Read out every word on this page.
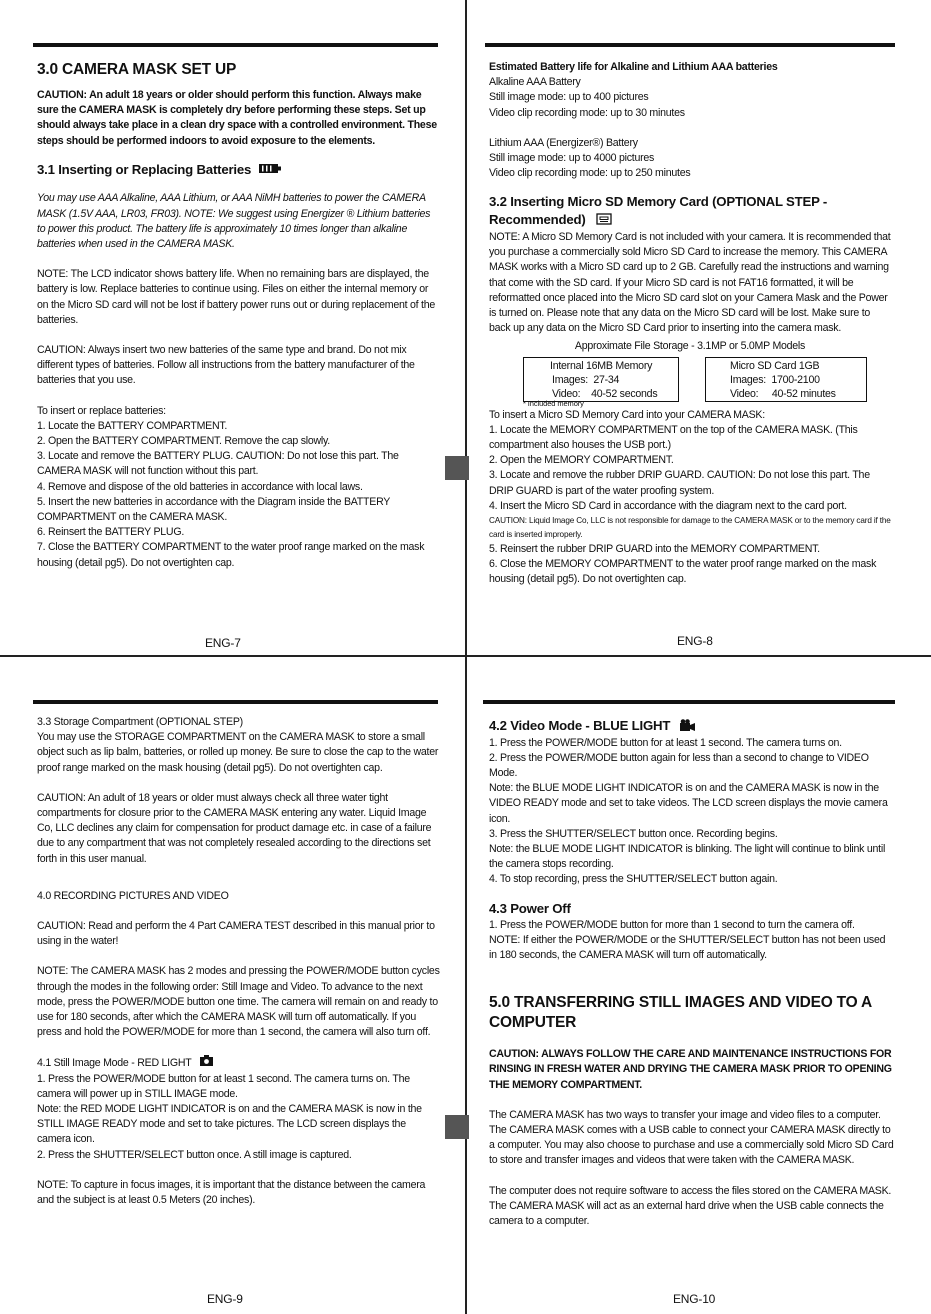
3.0 CAMERA MASK SET UP

CAUTION: An adult 18 years or older should perform this function. Always make sure the CAMERA MASK is completely dry before performing these steps. Set up should always take place in a clean dry space with a controlled environment. These steps should be performed indoors to avoid exposure to the elements.

3.1 Inserting or Replacing Batteries

You may use AAA Alkaline, AAA Lithium, or AAA NiMH batteries to power the CAMERA MASK (1.5V AAA, LR03, FR03). NOTE: We suggest using Energizer ® Lithium batteries to power this product. The battery life is approximately 10 times longer than alkaline batteries when used in the CAMERA MASK.

NOTE: The LCD indicator shows battery life. When no remaining bars are displayed, the battery is low. Replace batteries to continue using. Files on either the internal memory or on the Micro SD card will not be lost if battery power runs out or during replacement of the batteries.

CAUTION: Always insert two new batteries of the same type and brand. Do not mix different types of batteries. Follow all instructions from the battery manufacturer of the batteries that you use.

To insert or replace batteries:

1. Locate the BATTERY COMPARTMENT.

2. Open the BATTERY COMPARTMENT. Remove the cap slowly.

3. Locate and remove the BATTERY PLUG. CAUTION: Do not lose this part. The CAMERA MASK will not function without this part.

4. Remove and dispose of the old batteries in accordance with local laws.

5. Insert the new batteries in accordance with the Diagram inside the BATTERY COMPARTMENT on the CAMERA MASK.

6. Reinsert the BATTERY PLUG.

7. Close the BATTERY COMPARTMENT to the water proof range marked on the mask housing (detail pg5). Do not overtighten cap.

ENG-7

Estimated Battery life for Alkaline and Lithium AAA batteries

Alkaline AAA Battery

Still image mode: up to 400 pictures

Video clip recording mode: up to 30 minutes

Lithium AAA (Energizer®) Battery

Still image mode: up to 4000 pictures

Video clip recording mode: up to 250 minutes

3.2 Inserting Micro SD Memory Card (OPTIONAL STEP -

Recommended)

NOTE: A Micro SD Memory Card is not included with your camera. It is recommended that you purchase a commercially sold Micro SD Card to increase the memory. This CAMERA MASK works with a Micro SD card up to 2 GB. Carefully read the instructions and warning that come with the SD card. If your Micro SD card is not FAT16 formatted, it will be reformatted once placed into the Micro SD card slot on your Camera Mask and the Power is turned on. Please note that any data on the Micro SD card will be lost. Make sure to back up any data on the Micro SD Card prior to inserting into the camera mask.

Approximate File Storage - 3.1MP or 5.0MP Models

Internal 16MB Memory
Images:  27-34
Video:    40-52 seconds
Micro SD Card 1GB
Images:  1700-2100
Video:     40-52 minutes

* Included memory

To insert a Micro SD Memory Card into your CAMERA MASK:

1. Locate the MEMORY COMPARTMENT on the top of the CAMERA MASK. (This compartment also houses the USB port.)

2. Open the MEMORY COMPARTMENT.

3. Locate and remove the rubber DRIP GUARD. CAUTION: Do not lose this part. The DRIP GUARD is part of the water proofing system.

4. Insert the Micro SD Card in accordance with the diagram next to the card port.

CAUTION: Liquid Image Co, LLC is not responsible for damage to the CAMERA MASK or to the memory card if the card is inserted improperly.

5. Reinsert the rubber DRIP GUARD into the MEMORY COMPARTMENT.

6. Close the MEMORY COMPARTMENT to the water proof range marked on the mask housing (detail pg5). Do not overtighten cap.

ENG-8

3.3 Storage Compartment (OPTIONAL STEP)

You may use the STORAGE COMPARTMENT on the CAMERA MASK to store a small object such as lip balm, batteries, or rolled up money. Be sure to close the cap to the water proof range marked on the mask housing (detail pg5). Do not overtighten cap.

CAUTION: An adult of 18 years or older must always check all three water tight compartments for closure prior to the CAMERA MASK entering any water. Liquid Image Co, LLC declines any claim for compensation for product damage etc. in case of a failure due to any compartment that was not completely resealed according to the directions set forth in this user manual.

4.0 RECORDING PICTURES AND VIDEO

CAUTION: Read and perform the 4 Part CAMERA TEST described in this manual prior to using in the water!

NOTE: The CAMERA MASK has 2 modes and pressing the POWER/MODE button cycles through the modes in the following order: Still Image and Video. To advance to the next mode, press the POWER/MODE button one time. The camera will remain on and ready to use for 180 seconds, after which the CAMERA MASK will turn off automatically. If you press and hold the POWER/MODE for more than 1 second, the camera will also turn off.

4.1 Still Image Mode - RED LIGHT

1. Press the POWER/MODE button for at least 1 second. The camera turns on. The camera will power up in STILL IMAGE mode.

Note: the RED MODE LIGHT INDICATOR is on and the CAMERA MASK is now in the STILL IMAGE READY mode and set to take pictures. The LCD screen displays the camera icon.

2. Press the SHUTTER/SELECT button once. A still image is captured.

NOTE: To capture in focus images, it is important that the distance between the camera and the subject is at least 0.5 Meters (20 inches).

ENG-9

4.2 Video Mode - BLUE LIGHT

1. Press the POWER/MODE button for at least 1 second. The camera turns on.

2. Press the POWER/MODE button again for less than a second to change to VIDEO Mode.

Note: the BLUE MODE LIGHT INDICATOR is on and the CAMERA MASK is now in the VIDEO READY mode and set to take videos. The LCD screen displays the movie camera icon.

3. Press the SHUTTER/SELECT button once. Recording begins.

Note: the BLUE MODE LIGHT INDICATOR is blinking. The light will continue to blink until the camera stops recording.

4. To stop recording, press the SHUTTER/SELECT button again.

4.3 Power Off

1. Press the POWER/MODE button for more than 1 second to turn the camera off.

NOTE: If either the POWER/MODE or the SHUTTER/SELECT button has not been used in 180 seconds, the CAMERA MASK will turn off automatically.

5.0 TRANSFERRING STILL IMAGES AND VIDEO TO A COMPUTER

CAUTION: ALWAYS FOLLOW THE CARE AND MAINTENANCE INSTRUCTIONS FOR RINSING IN FRESH WATER AND DRYING THE CAMERA MASK PRIOR TO OPENING THE MEMORY COMPARTMENT.

The CAMERA MASK has two ways to transfer your image and video files to a computer. The CAMERA MASK comes with a USB cable to connect your CAMERA MASK directly to a computer. You may also choose to purchase and use a commercially sold Micro SD Card to store and transfer images and videos that were taken with the CAMERA MASK.

The computer does not require software to access the files stored on the CAMERA MASK. The CAMERA MASK will act as an external hard drive when the USB cable connects the camera to a computer.

ENG-10
